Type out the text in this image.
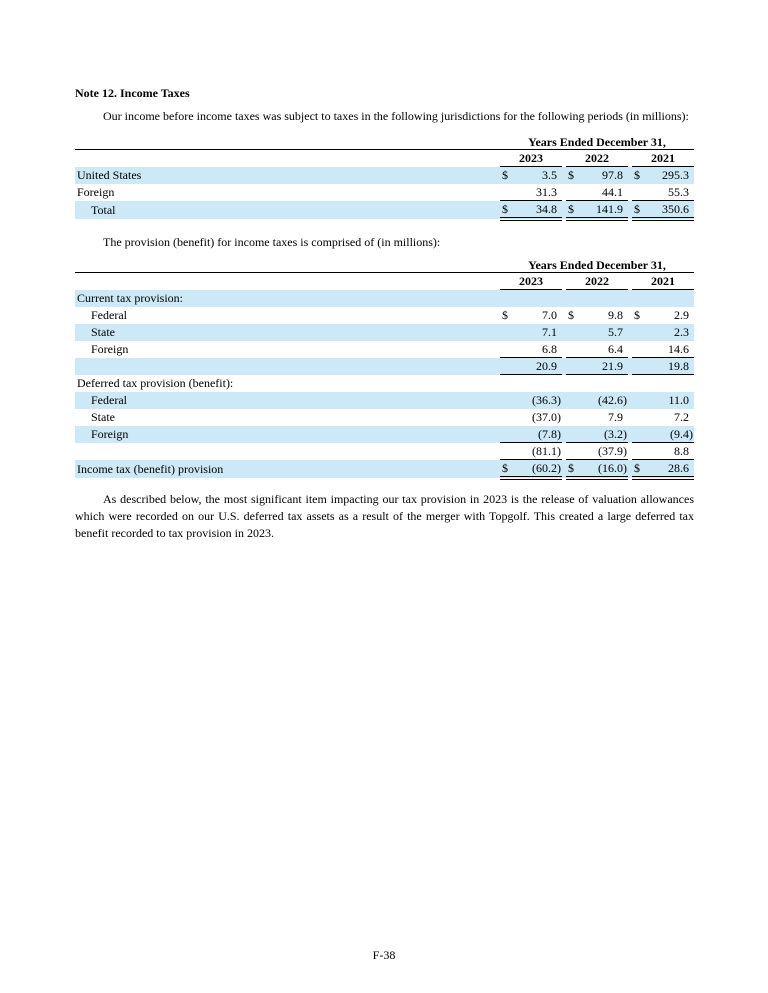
Note 12. Income Taxes

Our income before income taxes was subject to taxes in the following jurisdictions for the following periods (in millions):

	Years Ended December 31,							
	2023			2022			2021	
United States	$	3.5		$	97.8		$	295.3
Foreign		31.3			44.1			55.3
Total	$	34.8		$	141.9		$	350.6

The provision (benefit) for income taxes is comprised of (in millions):

	Years Ended December 31,							
	2023			2022			2021	
Current tax provision:								
Federal	$	7.0		$	9.8		$	2.9
State		7.1			5.7			2.3
Foreign		6.8			6.4			14.6
		20.9			21.9			19.8
Deferred tax provision (benefit):								
Federal		(36.3)			(42.6)			11.0
State		(37.0)			7.9			7.2
Foreign		(7.8)			(3.2)			(9.4)
		(81.1)			(37.9)			8.8
Income tax (benefit) provision	$	(60.2)		$	(16.0)		$	28.6

As described below, the most significant item impacting our tax provision in 2023 is the release of valuation allowances which were recorded on our U.S. deferred tax assets as a result of the merger with Topgolf. This created a large deferred tax benefit recorded to tax provision in 2023.

F-38
